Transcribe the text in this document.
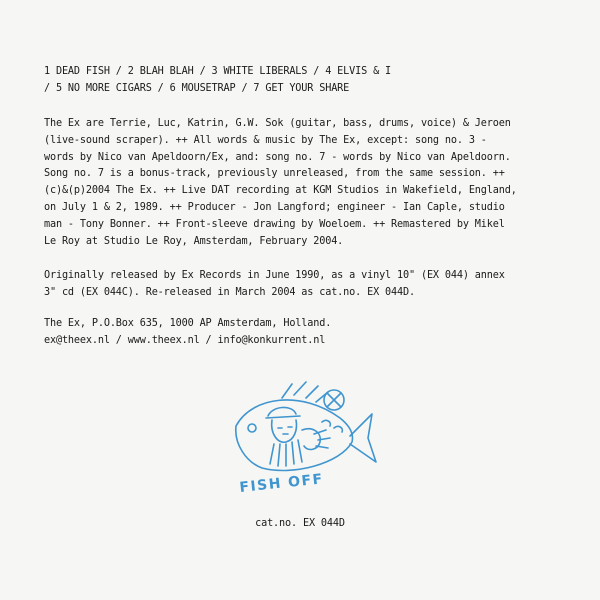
1 DEAD FISH / 2 BLAH BLAH / 3 WHITE LIBERALS / 4 ELVIS & I
/ 5 NO MORE CIGARS / 6 MOUSETRAP / 7 GET YOUR SHARE
The Ex are Terrie, Luc, Katrin, G.W. Sok (guitar, bass, drums, voice) & Jeroen
(live-sound scraper). ++ All words & music by The Ex, except: song no. 3 -
words by Nico van Apeldoorn/Ex, and: song no. 7 - words by Nico van Apeldoorn.
Song no. 7 is a bonus-track, previously unreleased, from the same session. ++
(c)&(p)2004 The Ex. ++ Live DAT recording at KGM Studios in Wakefield, England,
on July 1 & 2, 1989. ++ Producer - Jon Langford; engineer - Ian Caple, studio
man - Tony Bonner. ++ Front-sleeve drawing by Woeloem. ++ Remastered by Mikel
Le Roy at Studio Le Roy, Amsterdam, February 2004.
Originally released by Ex Records in June 1990, as a vinyl 10" (EX 044) annex
3" cd (EX 044C). Re-released in March 2004 as cat.no. EX 044D.
The Ex, P.O.Box 635, 1000 AP Amsterdam, Holland.
ex@theex.nl / www.theex.nl / info@konkurrent.nl
FISH OFF
cat.no. EX 044D
